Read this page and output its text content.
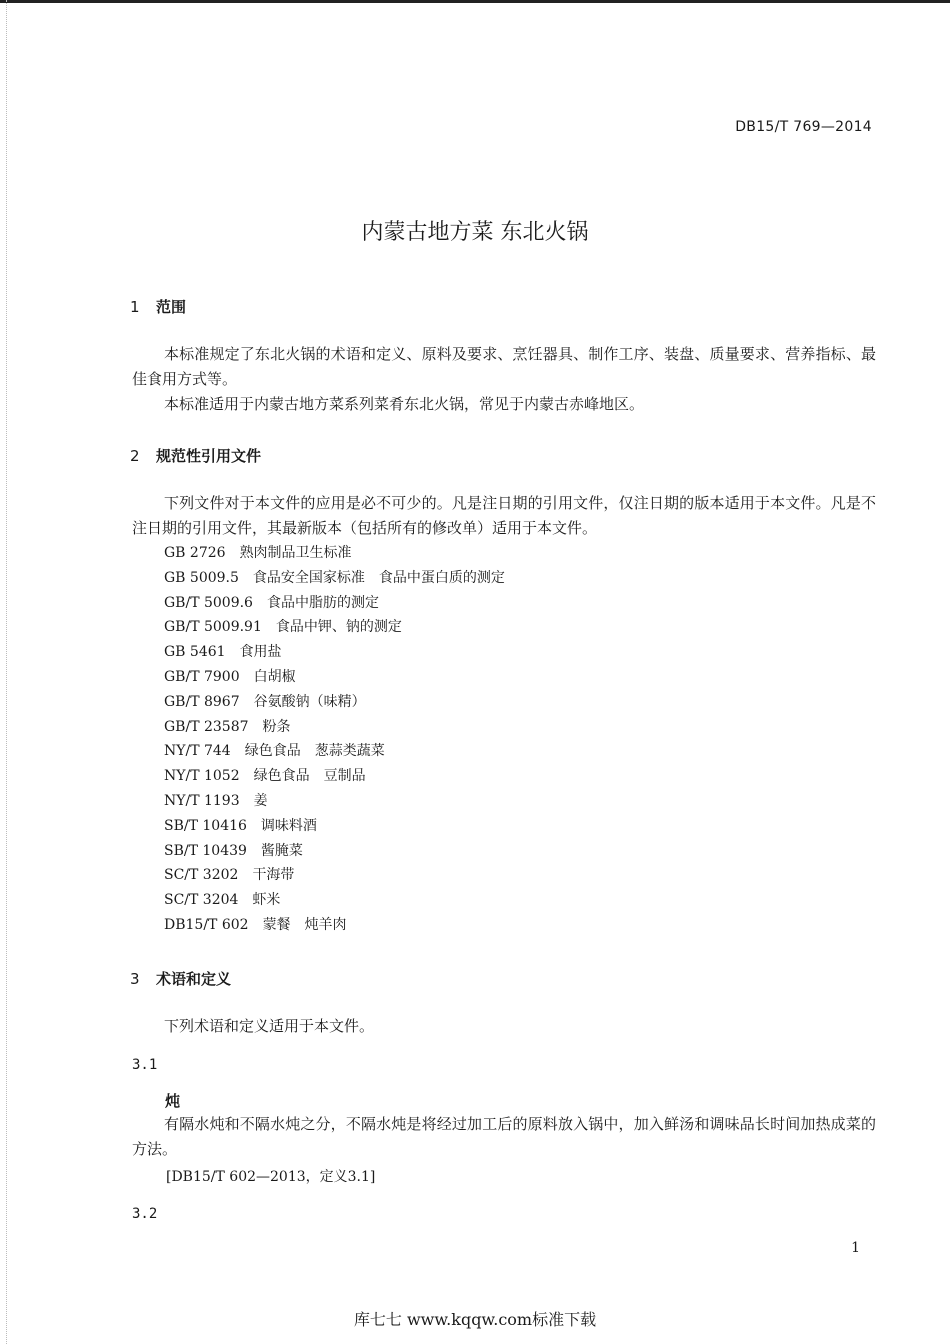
DB15/T 769—2014
内蒙古地方菜 东北火锅
1 范围
本标准规定了东北火锅的术语和定义、原料及要求、烹饪器具、制作工序、装盘、质量要求、营养指标、最佳食用方式等。
本标准适用于内蒙古地方菜系列菜肴东北火锅，常见于内蒙古赤峰地区。
2 规范性引用文件
下列文件对于本文件的应用是必不可少的。凡是注日期的引用文件，仅注日期的版本适用于本文件。凡是不注日期的引用文件，其最新版本（包括所有的修改单）适用于本文件。
GB 2726 熟肉制品卫生标准
GB 5009.5 食品安全国家标准　食品中蛋白质的测定
GB/T 5009.6 食品中脂肪的测定
GB/T 5009.91 食品中钾、钠的测定
GB 5461 食用盐
GB/T 7900 白胡椒
GB/T 8967 谷氨酸钠（味精）
GB/T 23587 粉条
NY/T 744 绿色食品　葱蒜类蔬菜
NY/T 1052 绿色食品　豆制品
NY/T 1193 姜
SB/T 10416 调味料酒
SB/T 10439 酱腌菜
SC/T 3202 干海带
SC/T 3204 虾米
DB15/T 602 蒙餐　炖羊肉
3 术语和定义
下列术语和定义适用于本文件。
3.1
炖
有隔水炖和不隔水炖之分，不隔水炖是将经过加工后的原料放入锅中，加入鲜汤和调味品长时间加热成菜的方法。
[DB15/T 602—2013，定义3.1]
3.2
1
库七七 www.kqqw.com标准下载
